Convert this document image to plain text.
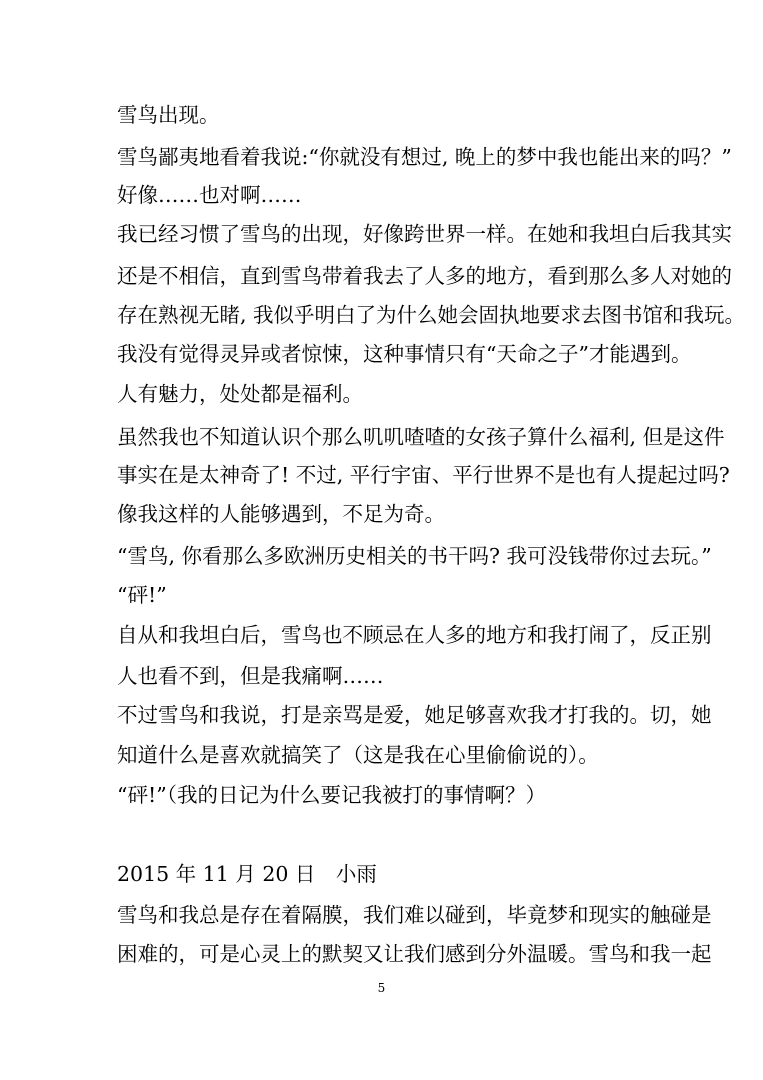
雪鸟出现。
雪鸟鄙夷地看着我说:“你就没有想过, 晚上的梦中我也能出来的吗？”
好像……也对啊……
我已经习惯了雪鸟的出现，好像跨世界一样。在她和我坦白后我其实
还是不相信，直到雪鸟带着我去了人多的地方，看到那么多人对她的
存在熟视无睹, 我似乎明白了为什么她会固执地要求去图书馆和我玩。
我没有觉得灵异或者惊悚，这种事情只有“天命之子”才能遇到。
人有魅力，处处都是福利。
虽然我也不知道认识个那么叽叽喳喳的女孩子算什么福利, 但是这件
事实在是太神奇了! 不过, 平行宇宙、平行世界不是也有人提起过吗?
像我这样的人能够遇到，不足为奇。
“雪鸟, 你看那么多欧洲历史相关的书干吗? 我可没钱带你过去玩。”
“砰!”
自从和我坦白后，雪鸟也不顾忌在人多的地方和我打闹了，反正别
人也看不到，但是我痛啊……
不过雪鸟和我说，打是亲骂是爱，她足够喜欢我才打我的。切，她
知道什么是喜欢就搞笑了（这是我在心里偷偷说的）。
“砰!”（我的日记为什么要记我被打的事情啊？）
2015 年 11 月 20 日　小雨
雪鸟和我总是存在着隔膜，我们难以碰到，毕竟梦和现实的触碰是
困难的，可是心灵上的默契又让我们感到分外温暖。雪鸟和我一起
5
